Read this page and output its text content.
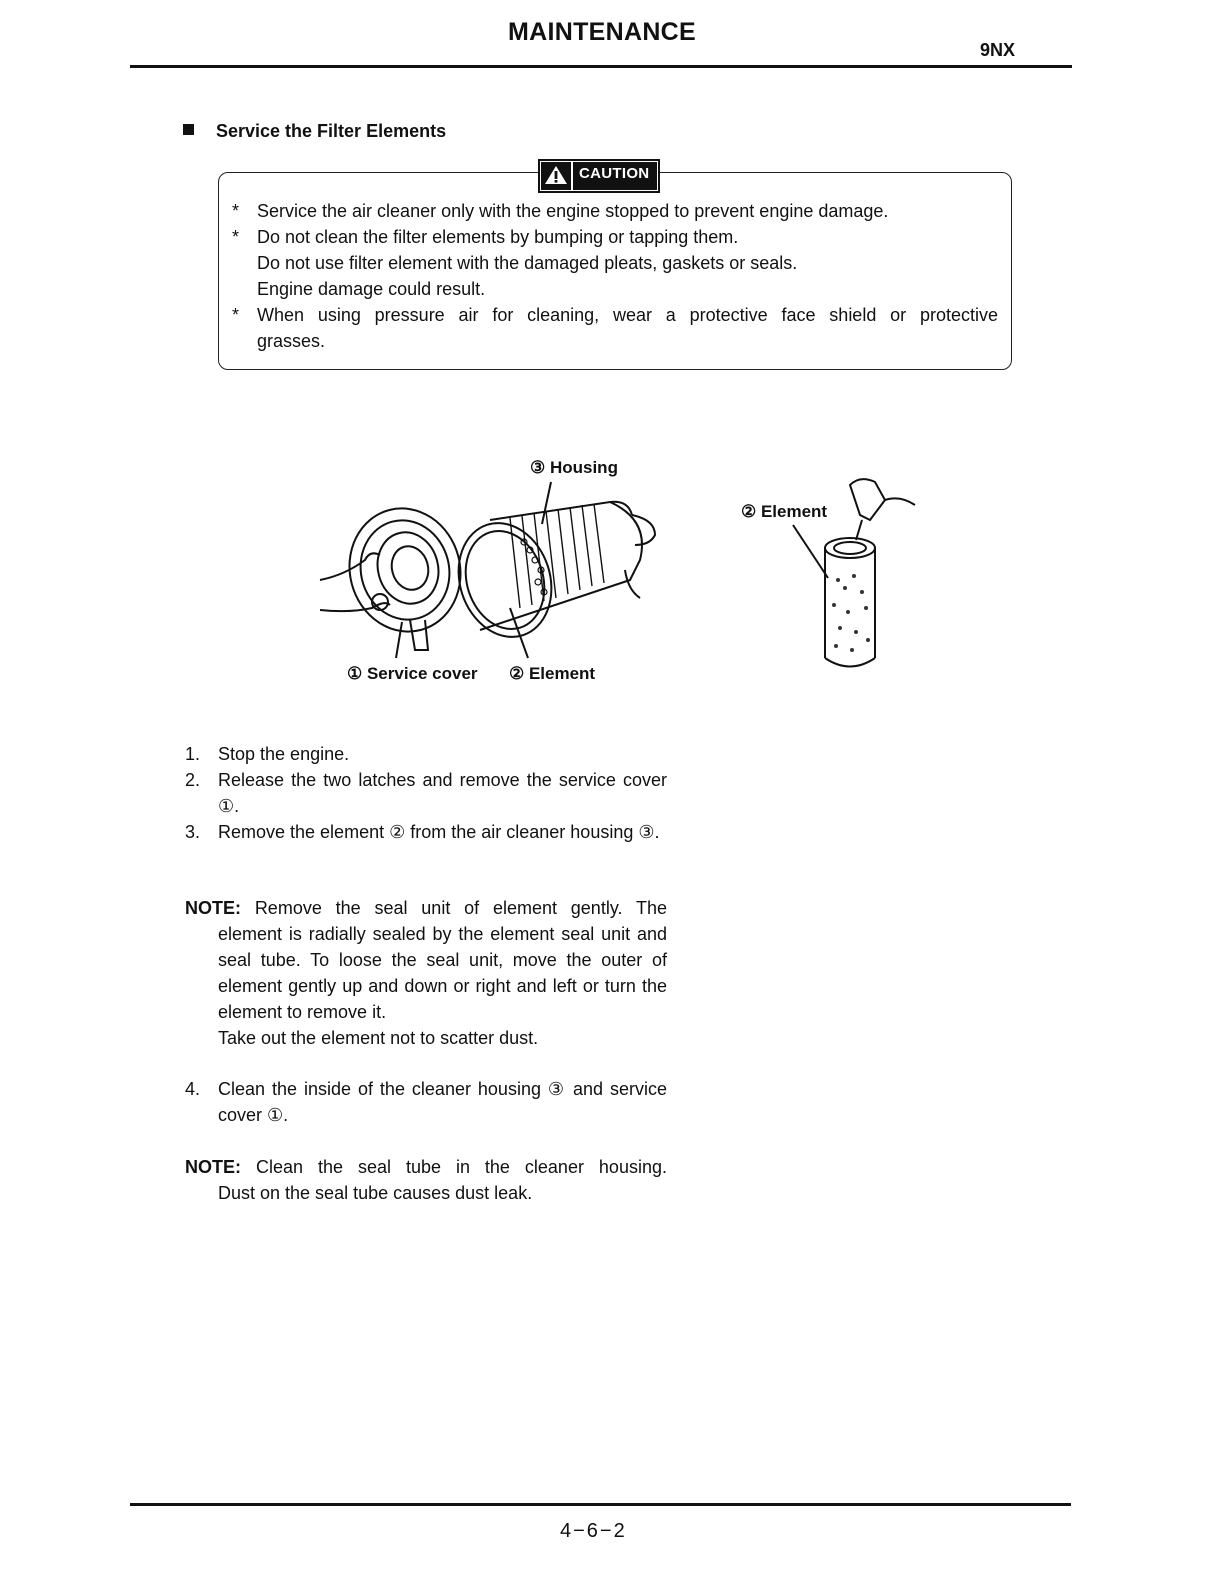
MAINTENANCE
9NX
Service the Filter Elements
CAUTION
* Service the air cleaner only with the engine stopped to prevent engine damage.
* Do not clean the filter elements by bumping or tapping them.
Do not use filter element with the damaged pleats, gaskets or seals.
Engine damage could result.
* When using pressure air for cleaning, wear a protective face shield or protective
grasses.
③ Housing
① Service cover ② Element
② Element
1. Stop the engine.
2. Release the two latches and remove the service cover ①.
3. Remove the element ② from the air cleaner housing ③.
NOTE: Remove the seal unit of element gently. The
element is radially sealed by the element seal unit and seal tube. To loose the seal unit, move the outer of element gently up and down or right and left or turn the element to remove it.
Take out the element not to scatter dust.
4. Clean the inside of the cleaner housing ③ and service cover ①.
NOTE: Clean the seal tube in the cleaner housing.
Dust on the seal tube causes dust leak.
4−6−2
